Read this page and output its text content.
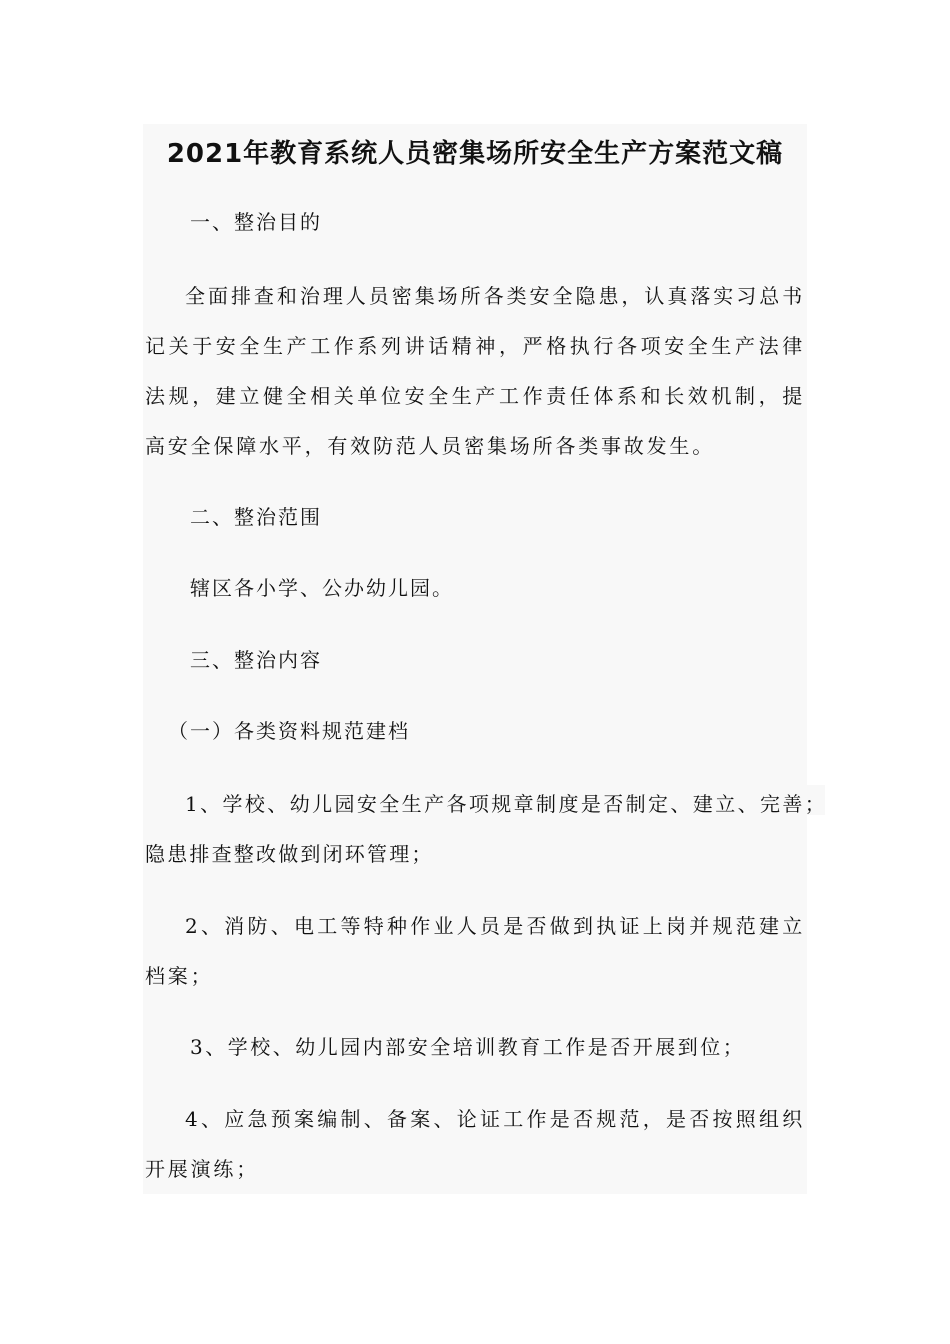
2021年教育系统人员密集场所安全生产方案范文稿

一、整治目的

全面排查和治理人员密集场所各类安全隐患，认真落实习总书记关于安全生产工作系列讲话精神，严格执行各项安全生产法律法规，建立健全相关单位安全生产工作责任体系和长效机制，提高安全保障水平，有效防范人员密集场所各类事故发生。

二、整治范围

辖区各小学、公办幼儿园。

三、整治内容

（一）各类资料规范建档

1、学校、幼儿园安全生产各项规章制度是否制定、建立、完善；隐患排查整改做到闭环管理；

2、消防、电工等特种作业人员是否做到执证上岗并规范建立档案；

3、学校、幼儿园内部安全培训教育工作是否开展到位；

4、应急预案编制、备案、论证工作是否规范，是否按照组织开展演练；
